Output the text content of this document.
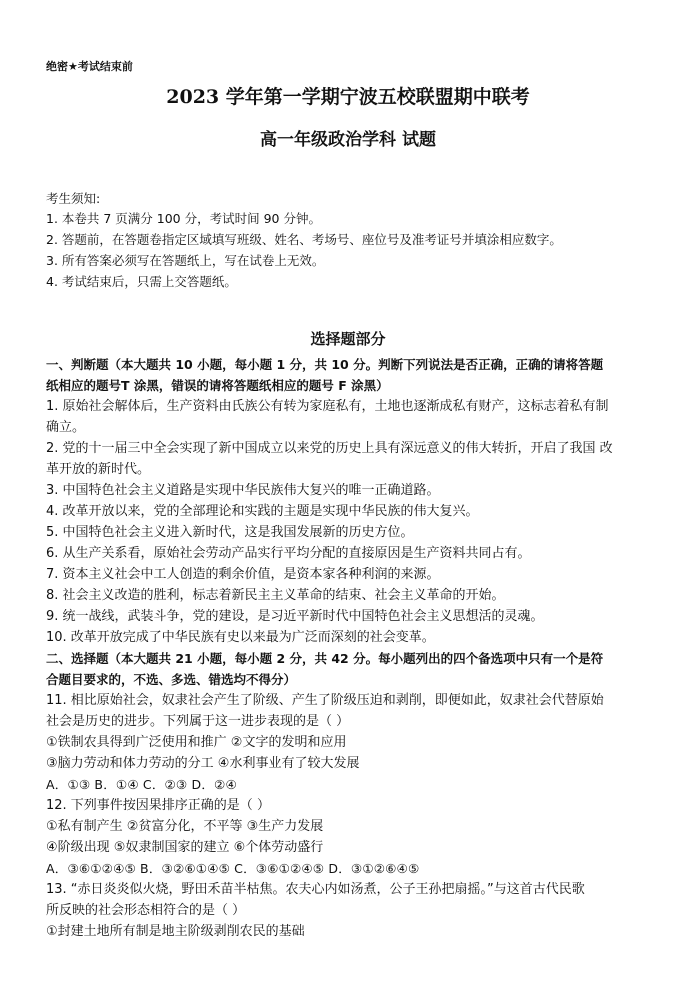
绝密★考试结束前
2023 学年第一学期宁波五校联盟期中联考
高一年级政治学科 试题
考生须知:
1. 本卷共 7 页满分 100 分，考试时间 90 分钟。
2. 答题前，在答题卷指定区域填写班级、姓名、考场号、座位号及准考证号并填涂相应数字。
3. 所有答案必须写在答题纸上，写在试卷上无效。
4. 考试结束后，只需上交答题纸。
选择题部分
一、判断题（本大题共 10 小题，每小题 1 分，共 10 分。判断下列说法是否正确，正确的请将答题
纸相应的题号T 涂黑，错误的请将答题纸相应的题号 F 涂黑）
1. 原始社会解体后，生产资料由氏族公有转为家庭私有，土地也逐渐成私有财产，这标志着私有制
确立。
2. 党的十一届三中全会实现了新中国成立以来党的历史上具有深远意义的伟大转折，开启了我国 改
革开放的新时代。
3. 中国特色社会主义道路是实现中华民族伟大复兴的唯一正确道路。
4. 改革开放以来，党的全部理论和实践的主题是实现中华民族的伟大复兴。
5. 中国特色社会主义进入新时代，这是我国发展新的历史方位。
6. 从生产关系看，原始社会劳动产品实行平均分配的直接原因是生产资料共同占有。
7. 资本主义社会中工人创造的剩余价值，是资本家各种利润的来源。
8. 社会主义改造的胜利，标志着新民主主义革命的结束、社会主义革命的开始。
9. 统一战线，武装斗争，党的建设，是习近平新时代中国特色社会主义思想活的灵魂。
10. 改革开放完成了中华民族有史以来最为广泛而深刻的社会变革。
二、选择题（本大题共 21 小题，每小题 2 分，共 42 分。每小题列出的四个备选项中只有一个是符
合题目要求的，不选、多选、错选均不得分）
11. 相比原始社会，奴隶社会产生了阶级、产生了阶级压迫和剥削，即便如此，奴隶社会代替原始
社会是历史的进步。下列属于这一进步表现的是（ ）
①铁制农具得到广泛使用和推广 ②文字的发明和应用
③脑力劳动和体力劳动的分工 ④水利事业有了较大发展
A．①③ B．①④ C．②③ D．②④
12. 下列事件按因果排序正确的是（ ）
①私有制产生 ②贫富分化，不平等 ③生产力发展
④阶级出现 ⑤奴隶制国家的建立 ⑥个体劳动盛行
A．③⑥①②④⑤ B．③②⑥①④⑤ C．③⑥①②④⑤ D．③①②⑥④⑤
13. “赤日炎炎似火烧，野田禾苗半枯焦。农夫心内如汤煮，公子王孙把扇摇。”与这首古代民歌
所反映的社会形态相符合的是（ ）
①封建土地所有制是地主阶级剥削农民的基础
